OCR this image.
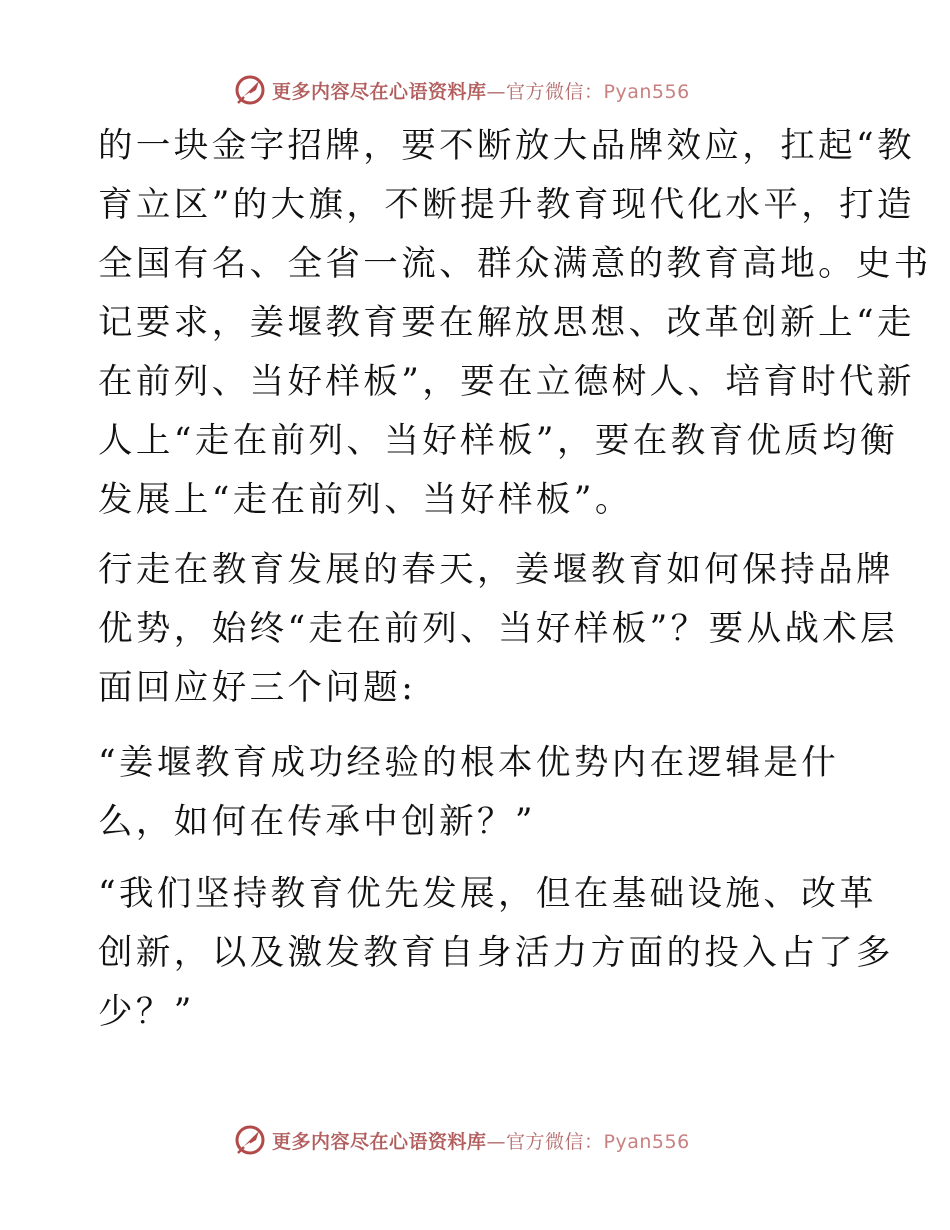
更多内容尽在心语资料库—官方微信：Pyan556
的一块金字招牌，要不断放大品牌效应，扛起“教
育立区”的大旗，不断提升教育现代化水平，打造
全国有名、全省一流、群众满意的教育高地。史书
记要求，姜堰教育要在解放思想、改革创新上“走
在前列、当好样板”，要在立德树人、培育时代新
人上“走在前列、当好样板”，要在教育优质均衡
发展上“走在前列、当好样板”。
行走在教育发展的春天，姜堰教育如何保持品牌
优势，始终“走在前列、当好样板”？要从战术层
面回应好三个问题:
“姜堰教育成功经验的根本优势内在逻辑是什
么，如何在传承中创新？”
“我们坚持教育优先发展，但在基础设施、改革
创新，以及激发教育自身活力方面的投入占了多
少？”
更多内容尽在心语资料库—官方微信：Pyan556
